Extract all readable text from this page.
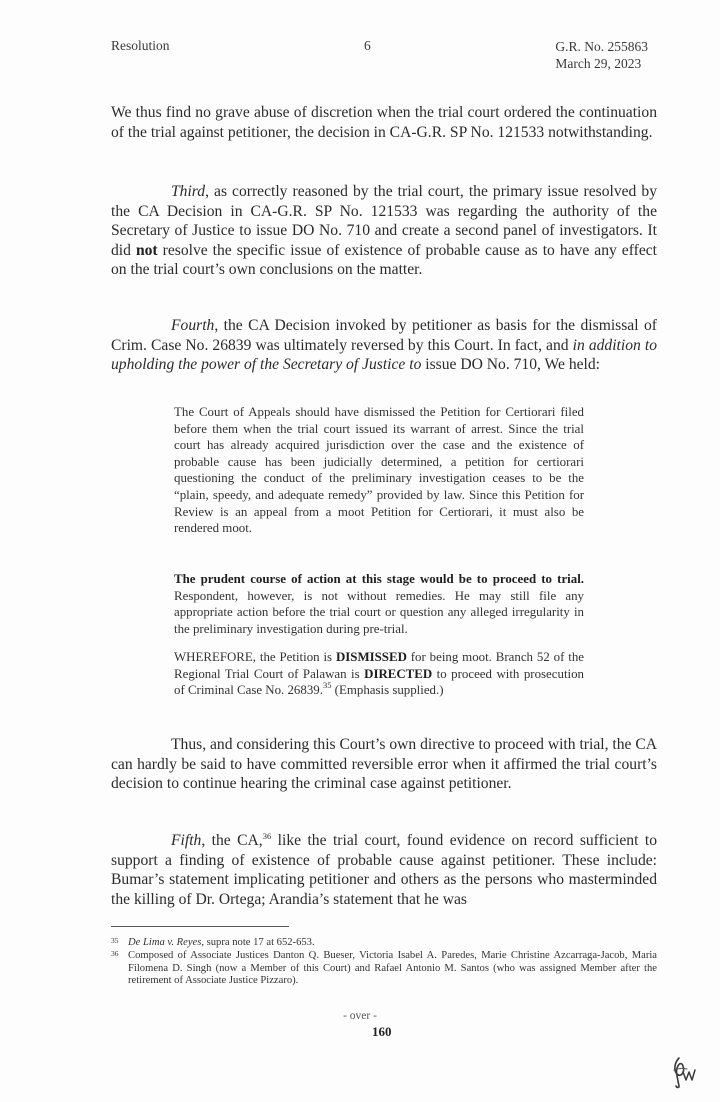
Resolution	6	G.R. No. 255863
March 29, 2023

We thus find no grave abuse of discretion when the trial court ordered the continuation of the trial against petitioner, the decision in CA-G.R. SP No. 121533 notwithstanding.

Third, as correctly reasoned by the trial court, the primary issue resolved by the CA Decision in CA-G.R. SP No. 121533 was regarding the authority of the Secretary of Justice to issue DO No. 710 and create a second panel of investigators. It did not resolve the specific issue of existence of probable cause as to have any effect on the trial court’s own conclusions on the matter.

Fourth, the CA Decision invoked by petitioner as basis for the dismissal of Crim. Case No. 26839 was ultimately reversed by this Court. In fact, and in addition to upholding the power of the Secretary of Justice to issue DO No. 710, We held:

The Court of Appeals should have dismissed the Petition for Certiorari filed before them when the trial court issued its warrant of arrest. Since the trial court has already acquired jurisdiction over the case and the existence of probable cause has been judicially determined, a petition for certiorari questioning the conduct of the preliminary investigation ceases to be the “plain, speedy, and adequate remedy” provided by law. Since this Petition for Review is an appeal from a moot Petition for Certiorari, it must also be rendered moot.

The prudent course of action at this stage would be to proceed to trial. Respondent, however, is not without remedies. He may still file any appropriate action before the trial court or question any alleged irregularity in the preliminary investigation during pre-trial.

WHEREFORE, the Petition is DISMISSED for being moot. Branch 52 of the Regional Trial Court of Palawan is DIRECTED to proceed with prosecution of Criminal Case No. 26839.35 (Emphasis supplied.)

Thus, and considering this Court’s own directive to proceed with trial, the CA can hardly be said to have committed reversible error when it affirmed the trial court’s decision to continue hearing the criminal case against petitioner.

Fifth, the CA,$^{36}$ like the trial court, found evidence on record sufficient to support a finding of existence of probable cause against petitioner. These include: Bumar’s statement implicating petitioner and others as the persons who masterminded the killing of Dr. Ortega; Arandia’s statement that he was

35 De Lima v. Reyes, supra note 17 at 652-653.
36 Composed of Associate Justices Danton Q. Bueser, Victoria Isabel A. Paredes, Marie Christine Azcarraga-Jacob, Maria Filomena D. Singh (now a Member of this Court) and Rafael Antonio M. Santos (who was assigned Member after the retirement of Associate Justice Pizzaro).
- over -
160
